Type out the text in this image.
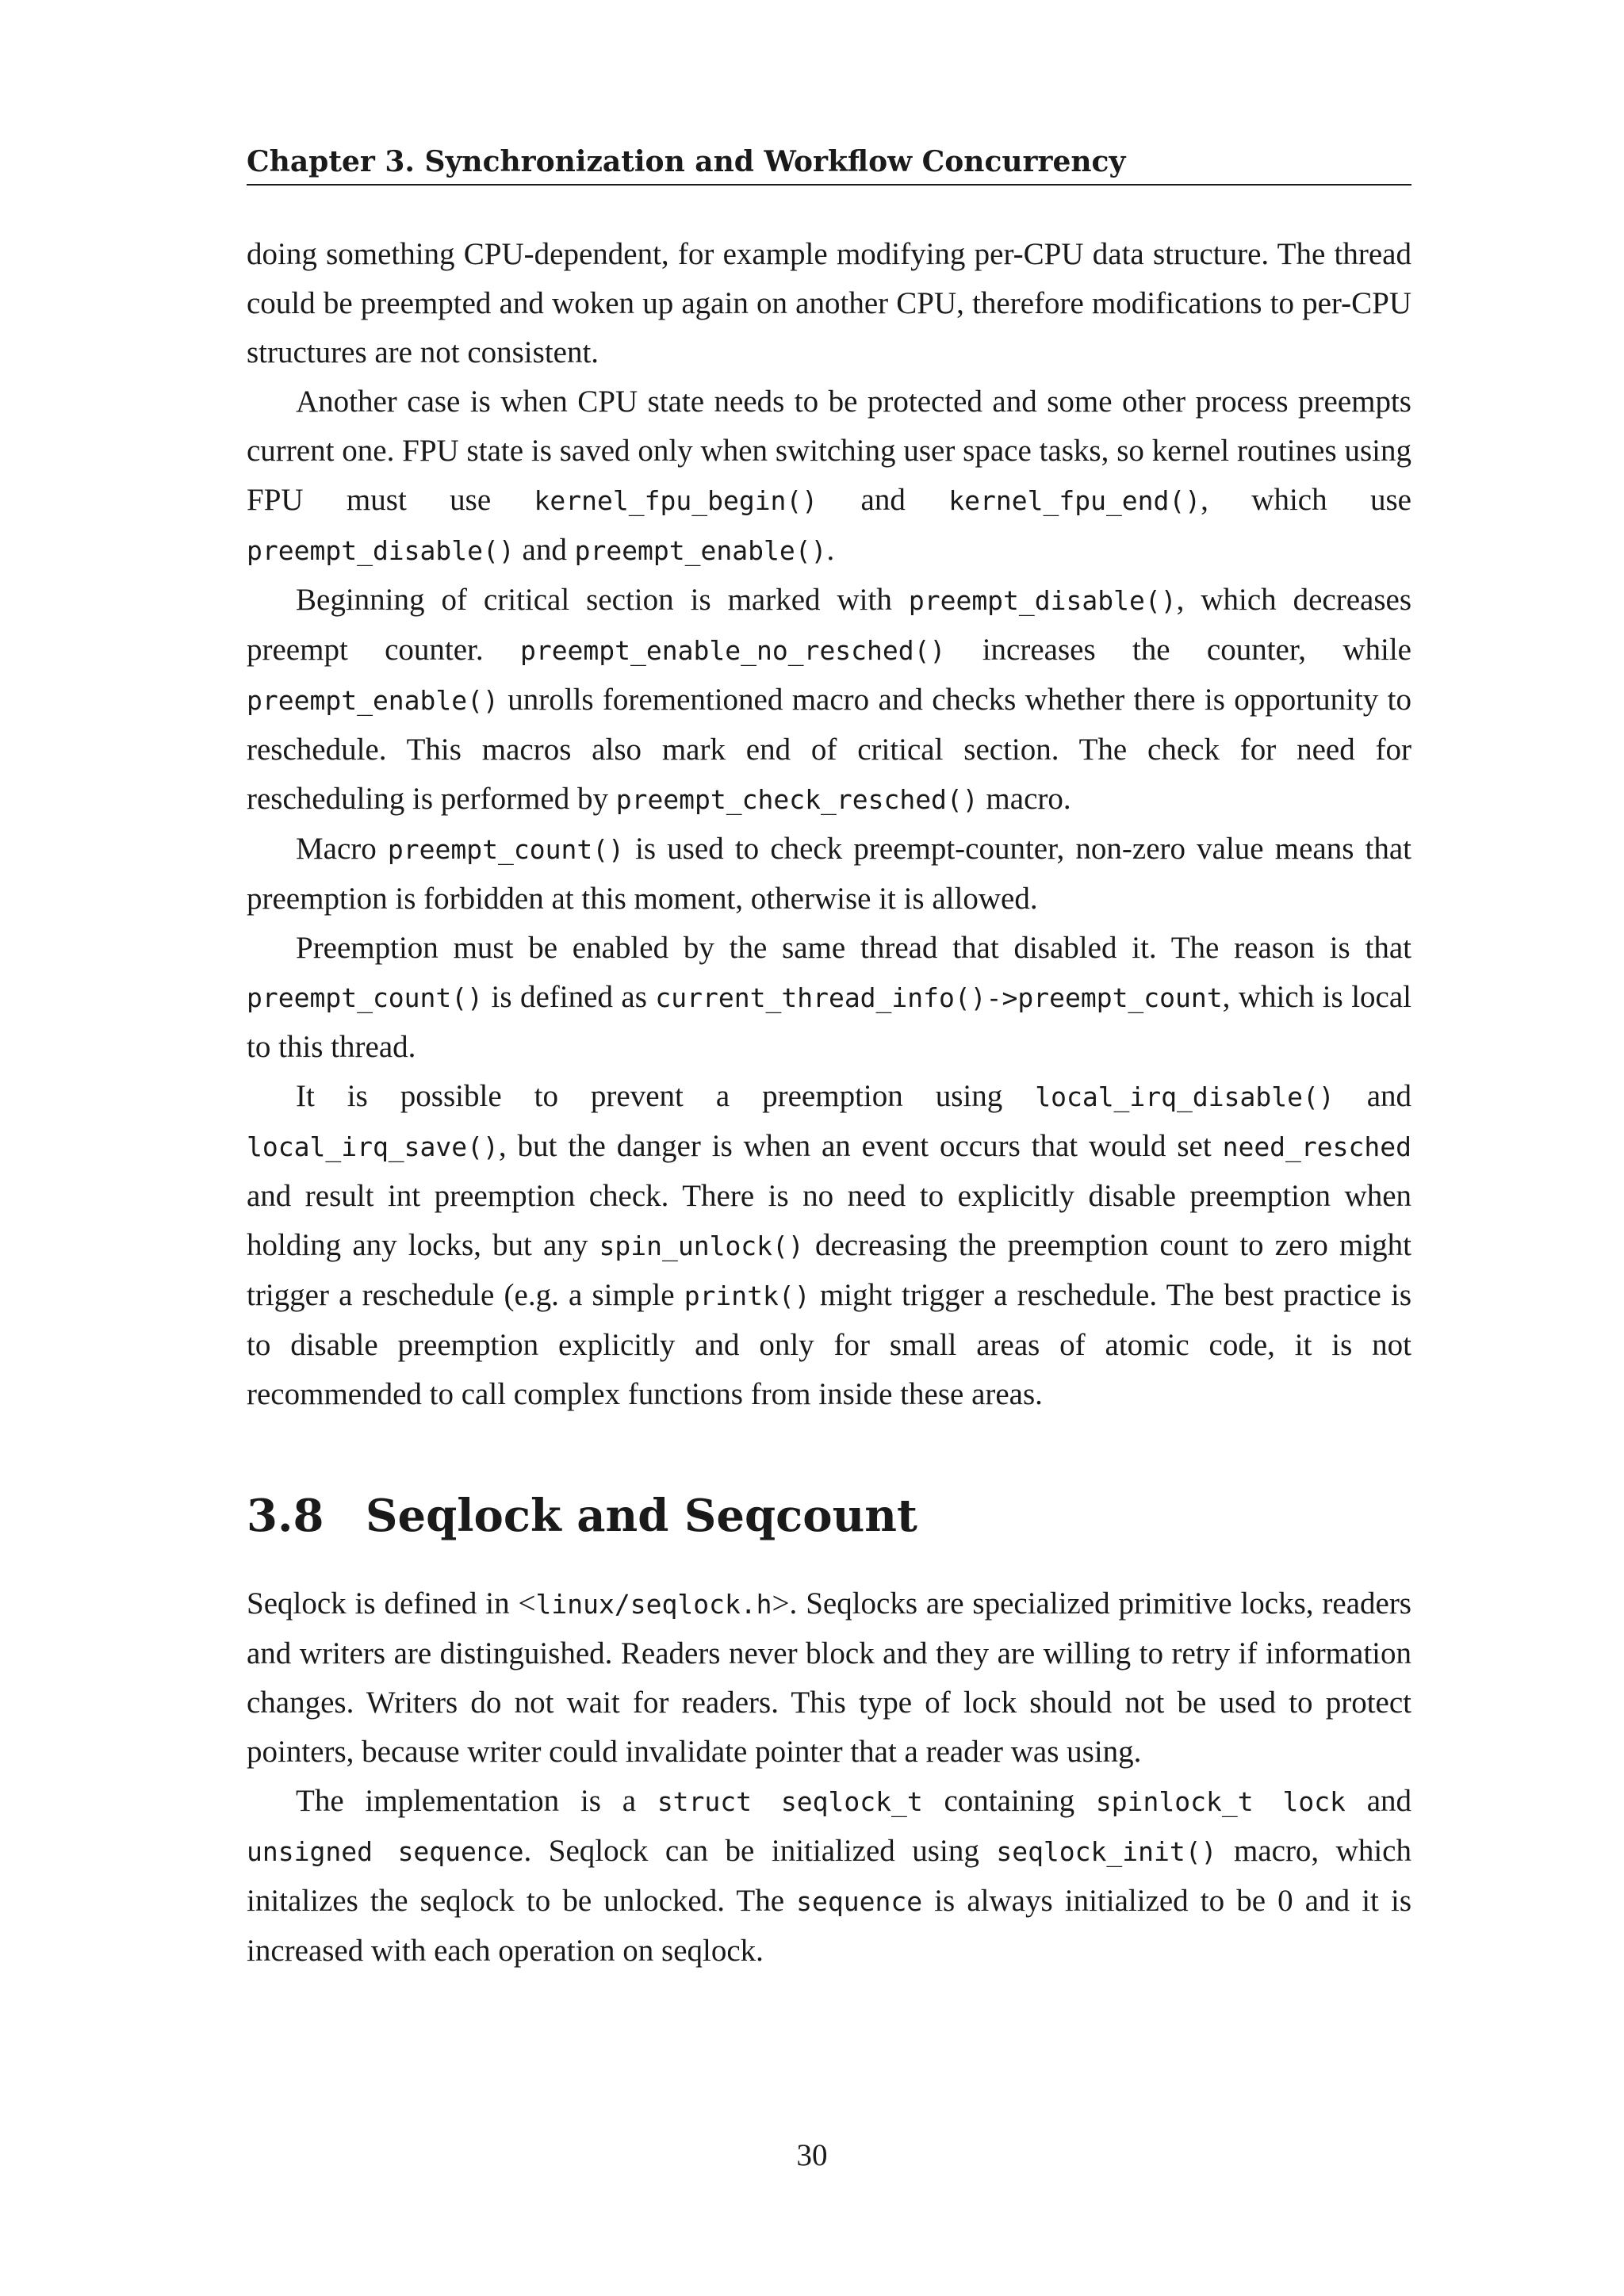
Chapter 3. Synchronization and Workflow Concurrency

doing something CPU-dependent, for example modifying per-CPU data structure. The thread could be preempted and woken up again on another CPU, therefore modifications to per-CPU structures are not consistent.

Another case is when CPU state needs to be protected and some other process preempts current one. FPU state is saved only when switching user space tasks, so kernel routines using FPU must use kernel_fpu_begin() and kernel_fpu_end(), which use preempt_disable() and preempt_enable().

Beginning of critical section is marked with preempt_disable(), which decreases preempt counter. preempt_enable_no_resched() increases the counter, while preempt_enable() unrolls forementioned macro and checks whether there is opportunity to reschedule. This macros also mark end of critical section. The check for need for rescheduling is performed by preempt_check_resched() macro.

Macro preempt_count() is used to check preempt-counter, non-zero value means that preemption is forbidden at this moment, otherwise it is allowed.

Preemption must be enabled by the same thread that disabled it. The reason is that preempt_count() is defined as current_thread_info()->preempt_count, which is local to this thread.

It is possible to prevent a preemption using local_irq_disable() and local_irq_save(), but the danger is when an event occurs that would set need_resched and result int preemption check. There is no need to explicitly disable preemption when holding any locks, but any spin_unlock() decreasing the preemption count to zero might trigger a reschedule (e.g. a simple printk() might trigger a reschedule. The best practice is to disable preemption explicitly and only for small areas of atomic code, it is not recommended to call complex functions from inside these areas.

3.8 Seqlock and Seqcount

Seqlock is defined in <linux/seqlock.h>. Seqlocks are specialized primitive locks, readers and writers are distinguished. Readers never block and they are willing to retry if information changes. Writers do not wait for readers. This type of lock should not be used to protect pointers, because writer could invalidate pointer that a reader was using.

The implementation is a struct seqlock_t containing spinlock_t lock and unsigned sequence. Seqlock can be initialized using seqlock_init() macro, which initalizes the seqlock to be unlocked. The sequence is always initialized to be 0 and it is increased with each operation on seqlock.

30
